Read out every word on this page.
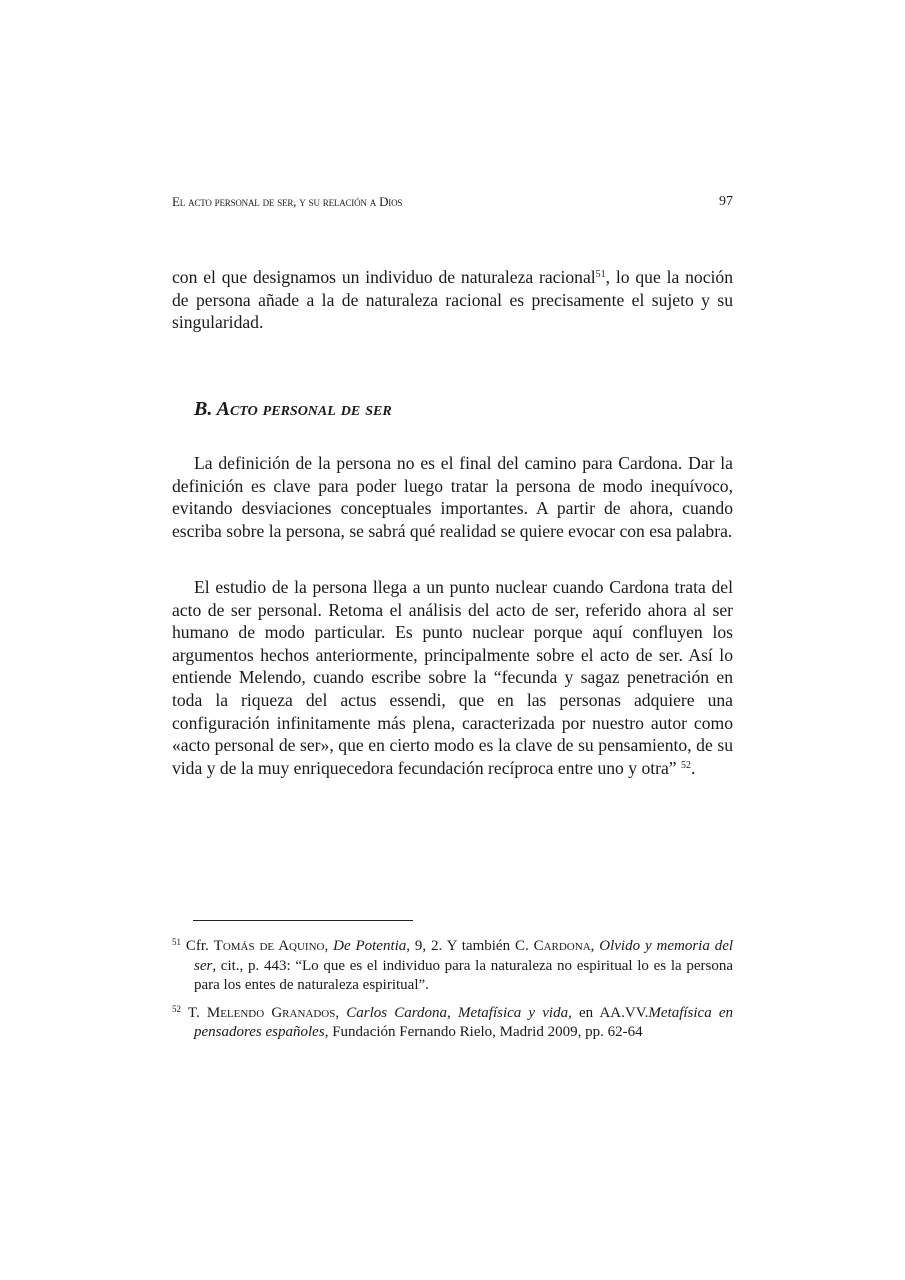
El acto personal de ser, y su relación a Dios	97

con el que designamos un individuo de naturaleza racional$^{51}$, lo que la noción de persona añade a la de naturaleza racional es precisamente el sujeto y su singularidad.

B. Acto personal de ser

La definición de la persona no es el final del camino para Cardona. Dar la definición es clave para poder luego tratar la persona de modo inequívoco, evitando desviaciones conceptuales importantes. A partir de ahora, cuando escriba sobre la persona, se sabrá qué realidad se quiere evocar con esa palabra.

El estudio de la persona llega a un punto nuclear cuando Cardona trata del acto de ser personal. Retoma el análisis del acto de ser, referido ahora al ser humano de modo particular. Es punto nuclear porque aquí confluyen los argumentos hechos anteriormente, principalmente sobre el acto de ser. Así lo entiende Melendo, cuando escribe sobre la “fecunda y sagaz penetración en toda la riqueza del actus essendi, que en las personas adquiere una configuración infinitamente más plena, caracterizada por nuestro autor como «acto personal de ser», que en cierto modo es la clave de su pensamiento, de su vida y de la muy enriquecedora fecundación recíproca entre uno y otra” $^{52}$.

$^{51}$ Cfr. Tomás de Aquino, De Potentia, 9, 2. Y también C. Cardona, Olvido y memoria del ser, cit., p. 443: “Lo que es el individuo para la naturaleza no espiritual lo es la persona para los entes de naturaleza espiritual”.

$^{52}$ T. Melendo Granados, Carlos Cardona, Metafísica y vida, en AA.VV.Metafísica en pensadores españoles, Fundación Fernando Rielo, Madrid 2009, pp. 62-64
